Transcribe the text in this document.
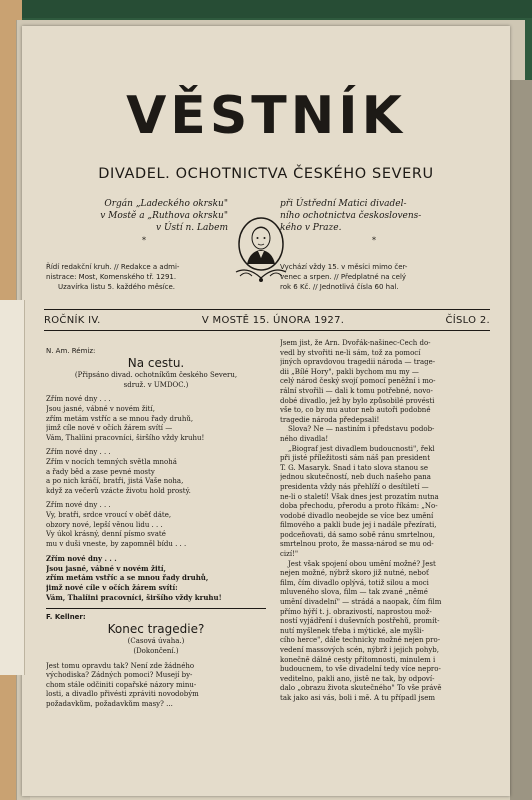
VĚSTNÍK
DIVADEL. OCHOTNICTVA ČESKÉHO SEVERU
Orgán „Ladeckého okrsku"
v Mostě a „Ruthova okrsku"
v Ústí n. Labem
*
při Ústřední Matici divadel-
ního ochotnictva českoslovens-
kého v Praze.
*
Řídí redakční kruh. // Redakce a admi-
nistrace: Most, Komenského tř. 1291.
Uzavírka listu 5. každého měsíce.
Vychází vždy 15. v měsíci mimo čer-
venec a srpen. // Předplatné na celý
rok 6 Kč. // Jednotlivá čísla 60 hal.
ROČNÍK IV.	V MOSTĚ 15. ÚNORA 1927.	ČÍSLO 2.
N. Am. Rémiz:
Na cestu.
(Připsáno divad. ochotníkům českého Severu,
sdruž. v UMDOČ.)
Zřím nové dny . . .
Jsou jasné, vábné v novém žití,
zřím metám vstříc a se mnou řady druhů,
jimž cíle nové v očích žárem svítí —
Vám, Thalíini pracovníci, širšího vždy kruhu!
Zřím nové dny . . .
Zřím v nocích temných světla mnohá
a řady běd a zase pevné mosty
a po nich kráčí, bratři, jistá Vaše noha,
když za večerů vzácte životu hold prostý.
Zřím nové dny . . .
Vy, bratři, srdce vroucí v oběť dáte,
obzory nové, lepší věnou lidu . . .
Vy úkol krásný, denní písmo svaté
mu v duši vneste, by zapomněl bídu . . .
Zřím nové dny . . .
Jsou jasné, vábné v novém žití,
zřím metám vstříc a se mnou řady druhů,
jimž nové cíle v očích žárem svítí:
Vám, Thalíini pracovníci, širšího vždy kruhu!
F. Kellner:
Konec tragedie?
(Časová úvaha.)
(Dokončení.)
Jest tomu opravdu tak? Není zde žádného
východiska? Žádných pomoci? Musejí by-
chom stále odčiniti copařské názory minu-
losti, a divadlo přivésti zpráviti novodobým
požadavkům, požadavkům masy? ...
Jsem jist, že Arn. Dvořák-našinec-Čech do-
vedl by stvořiti ne-li sám, tož za pomocí
jiných opravdovou tragedii národa — trage-
dii „Bílé Hory", pakli bychom mu my —
celý národ český svojí pomocí peněžní i mo-
rální stvořili — dali k tomu potřebné, novo-
dobé divadlo, jež by bylo způsobilé provésti
vše to, co by mu autor neb autoři podobné
tragedie národa předepsali!
Slova? Ne — nastiním i představu podob-
ného divadla!
„Biograf jest divadlem budoucnosti", řekl
při jisté příležitosti sám náš pan president
T. G. Masaryk. Snad i tato slova stanou se
jednou skutečností, neb duch našeho pana
presidenta vždy nás přehlíží o desítiletí —
ne-li o staletí! Však dnes jest prozatím nutna
doba přechodu, přerodu a proto říkám: „No-
vodobé divadlo neobejde se více bez umění
filmového a pakli bude jej i nadále přezírati,
podceňovati, dá samo sobě ránu smrtelnou,
smrtelnou proto, že massa-národ se mu od-
cizí!"
Jest však spojení obou umění možné? Jest
nejen možné, nýbrž skoro již nutné, neboť
film, čím divadlo oplývá, totiž silou a moci
mluveného slova, film — tak zvané „němé
umění divadelní" — strádá a naopak, čím film
přímo hýří t. j. obrazivostí, naprostou mož-
ností vyjádření i duševních postřehů, promít-
nutí myšlenek třeba i mýtické, ale myšli-
cího herce", dále technicky možné nejen pro-
vedení massových scén, nýbrž i jejich pohyb,
konečně dálné cesty přítomnosti, minulem i
budoucnem, to vše divadelní tedy více nepro-
veditelno, pakli ano, jistě ne tak, by odpoví-
dalo „obrazu života skutečného" To vše právě
tak jako asi vás, boli i mě. A tu případl jsem
